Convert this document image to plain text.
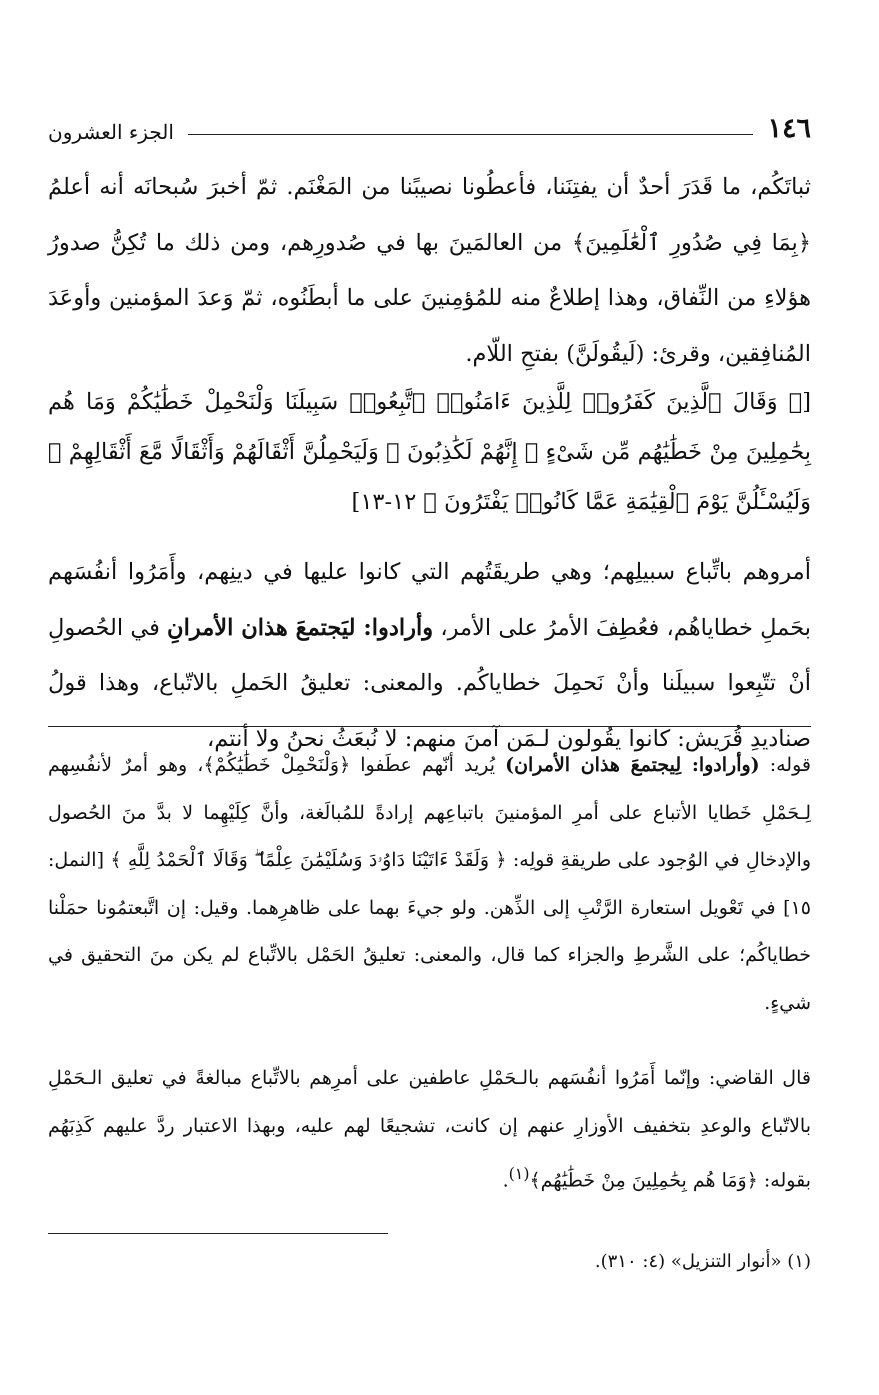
١٤٦
الجزء العشرون

ثباتَكُم، ما قَدَرَ أحدٌ أن يفتِنَنا، فأعطُونا نصيبًنا من المَغْنَم. ثمّ أخبرَ سُبحانَه أنه أعلمُ ﴿بِمَا فِي صُدُورِ ٱلْعَٰلَمِينَ﴾ من العالمَينَ بها في صُدورِهم، ومن ذلك ما تُكِنُّ صدورُ هؤلاءِ من النِّفاق، وهذا إطلاعٌ منه للمُؤمِنينَ على ما أبطَنُوه، ثمّ وَعدَ المؤمنين وأوعَدَ المُنافِقين، وقرئ: (لَيقُولَنَّ) بفتحِ اللّام.

[﴿ وَقَالَ ٱلَّذِينَ كَفَرُوا۟ لِلَّذِينَ ءَامَنُوا۟ ٱتَّبِعُوا۟ سَبِيلَنَا وَلْنَحْمِلْ خَطَٰيَٰكُمْ وَمَا هُم بِحَٰمِلِينَ مِنْ خَطَٰيَٰهُم مِّن شَىْءٍ ۖ إِنَّهُمْ لَكَٰذِبُونَ ۞ وَلَيَحْمِلُنَّ أَثْقَالَهُمْ وَأَثْقَالًا مَّعَ أَثْقَالِهِمْ ۖ وَلَيُسْـَٔلُنَّ يَوْمَ ٱلْقِيَٰمَةِ عَمَّا كَانُوا۟ يَفْتَرُونَ ﴾ ١٢-١٣]

أمروهم باتِّباع سبيلِهم؛ وهي طريقَتُهم التي كانوا عليها في دينِهم، وأَمَرُوا أنفُسَهم بحَملِ خطاياهُم، فعُطِفَ الأمرُ على الأمر، وأرادوا: ليَجتمعَ هذان الأمرانِ في الحُصولِ أنْ تتّبِعوا سبيلَنا وأنْ نَحمِلَ خطاياكُم. والمعنى: تعليقُ الحَملِ بالاتّباع، وهذا قولُ صناديدِ قُرَيش: كانوا يقُولون لـمَن آمنَ منهم: لا نُبعَثُ نحنُ ولا أنتم،

قوله: (وأرادوا: لِيجتمعَ هذان الأمران) يُريد أنّهم عطَفوا ﴿وَلْنَحْمِلْ خَطَٰيَٰكُمْ﴾، وهو أمرٌ لأنفُسِهم لِـحَمْلِ خَطايا الأتباع على أمرِ المؤمنينَ باتباعِهم إرادةً للمُبالَغة، وأنَّ كِلَيْهِما لا بدَّ منَ الحُصول والإدخالِ في الوُجود على طريقةِ قولِه: ﴿ وَلَقَدْ ءَاتَيْنَا دَاوُۥدَ وَسُلَيْمَٰنَ عِلْمًا ۖ وَقَالَا ٱلْحَمْدُ لِلَّهِ ﴾ [النمل: ١٥] في تَعْويل استعارة الرَّتْبِ إلى الذِّهن. ولو جيءَ بهما على ظاهرِهما. وقيل: إن اتَّبعتمُونا حمَلْنا خطاياكُم؛ على الشَّرطِ والجزاء كما قال، والمعنى: تعليقُ الحَمْل بالاتِّباع لم يكن منَ التحقيق في شيءٍ.

قال القاضي: وإنّما أَمَرُوا أنفُسَهم بالـحَمْلِ عاطفين على أمرِهم بالاتِّباع مبالغةً في تعليق الـحَمْلِ بالاتّباع والوعدِ بتخفيف الأوزارِ عنهم إن كانت، تشجيعًا لهم عليه، وبهذا الاعتبار ردَّ عليهم كَذِبَهُم بقوله: ﴿وَمَا هُم بِحَٰمِلِينَ مِنْ خَطَٰيَٰهُم﴾$^{(١)}$.

(١) «أنوار التنزيل» (٤: ٣١٠).
